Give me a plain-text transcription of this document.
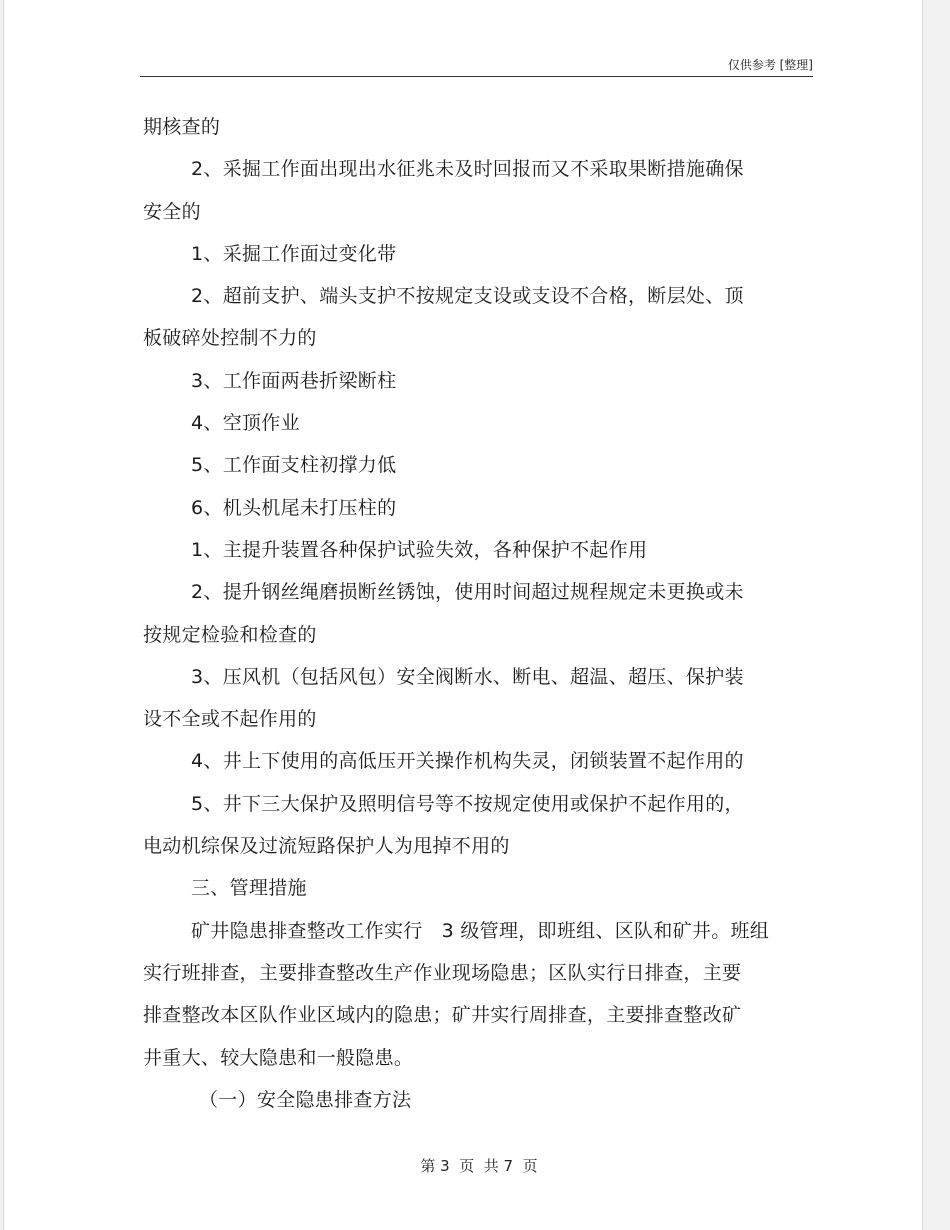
仅供参考 [整理]
期核查的
2、采掘工作面出现出水征兆未及时回报而又不采取果断措施确保
安全的
1、采掘工作面过变化带
2、超前支护、端头支护不按规定支设或支设不合格，断层处、顶
板破碎处控制不力的
3、工作面两巷折梁断柱
4、空顶作业
5、工作面支柱初撑力低
6、机头机尾未打压柱的
1、主提升装置各种保护试验失效，各种保护不起作用
2、提升钢丝绳磨损断丝锈蚀，使用时间超过规程规定未更换或未
按规定检验和检查的
3、压风机（包括风包）安全阀断水、断电、超温、超压、保护装
设不全或不起作用的
4、井上下使用的高低压开关操作机构失灵，闭锁装置不起作用的
5、井下三大保护及照明信号等不按规定使用或保护不起作用的，
电动机综保及过流短路保护人为甩掉不用的
三、管理措施
矿井隐患排查整改工作实行   3 级管理，即班组、区队和矿井。班组
实行班排查，主要排查整改生产作业现场隐患；区队实行日排查，主要
排查整改本区队作业区域内的隐患；矿井实行周排查，主要排查整改矿
井重大、较大隐患和一般隐患。
（一）安全隐患排查方法
第 3  页  共 7  页
